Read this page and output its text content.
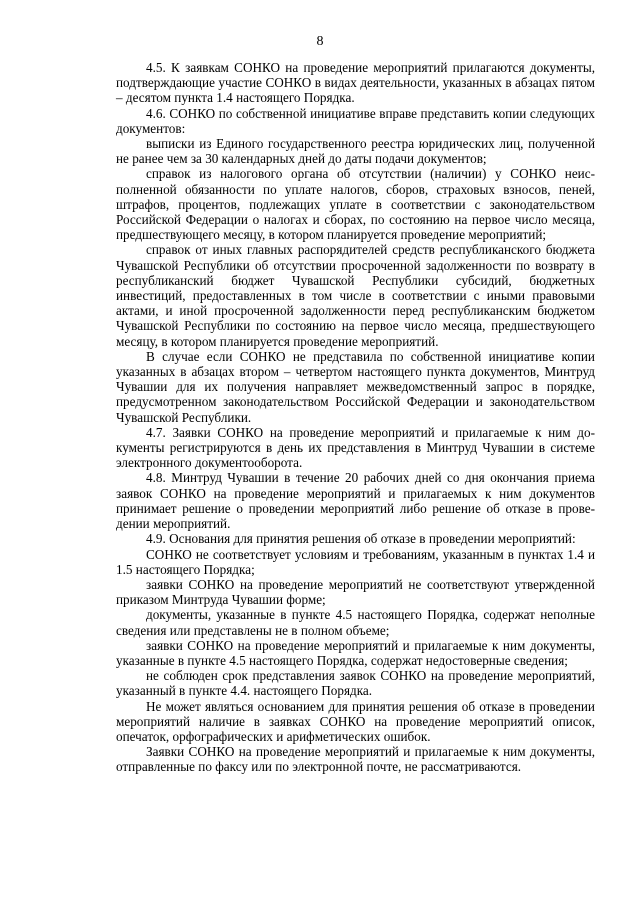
8

4.5. К заявкам СОНКО на проведение мероприятий прилагаются документы, подтверждающие участие СОНКО в видах деятельности, указанных в абзацах пятом – десятом пункта 1.4 настоящего Порядка.

4.6. СОНКО по собственной инициативе вправе представить копии следующих документов:

выписки из Единого государственного реестра юридических лиц, полученной не ранее чем за 30 календарных дней до даты подачи документов;

справок из налогового органа об отсутствии (наличии) у СОНКО неисполненной обязанности по уплате налогов, сборов, страховых взносов, пеней, штрафов, процентов, подлежащих уплате в соответствии с законодательством Российской Федерации о налогах и сборах, по состоянию на первое число месяца, предшествующего месяцу, в котором планируется проведение мероприятий;

справок от иных главных распорядителей средств республиканского бюджета Чувашской Республики об отсутствии просроченной задолженности по возврату в республиканский бюджет Чувашской Республики субсидий, бюджетных инвестиций, предоставленных в том числе в соответствии с иными правовыми актами, и иной просроченной задолженности перед республиканским бюджетом Чувашской Республики по состоянию на первое число месяца, предшествующего месяцу, в котором планируется проведение мероприятий.

В случае если СОНКО не представила по собственной инициативе копии указанных в абзацах втором – четвертом настоящего пункта документов, Минтруд Чувашии для их получения направляет межведомственный запрос в порядке, предусмотренном законодательством Российской Федерации и законодательством Чувашской Республики.

4.7. Заявки СОНКО на проведение мероприятий и прилагаемые к ним документы регистрируются в день их представления в Минтруд Чувашии в системе электронного документооборота.

4.8. Минтруд Чувашии в течение 20 рабочих дней со дня окончания приема заявок СОНКО на проведение мероприятий и прилагаемых к ним документов принимает решение о проведении мероприятий либо решение об отказе в проведении мероприятий.

4.9. Основания для принятия решения об отказе в проведении мероприятий:

СОНКО не соответствует условиям и требованиям, указанным в пунктах 1.4 и 1.5 настоящего Порядка;

заявки СОНКО на проведение мероприятий не соответствуют утвержденной приказом Минтруда Чувашии форме;

документы, указанные в пункте 4.5 настоящего Порядка, содержат неполные сведения или представлены не в полном объеме;

заявки СОНКО на проведение мероприятий и прилагаемые к ним документы, указанные в пункте 4.5 настоящего Порядка, содержат недостоверные сведения;

не соблюден срок представления заявок СОНКО на проведение мероприятий, указанный в пункте 4.4. настоящего Порядка.

Не может являться основанием для принятия решения об отказе в проведении мероприятий наличие в заявках СОНКО на проведение мероприятий описок, опечаток, орфографических и арифметических ошибок.

Заявки СОНКО на проведение мероприятий и прилагаемые к ним документы, отправленные по факсу или по электронной почте, не рассматриваются.
